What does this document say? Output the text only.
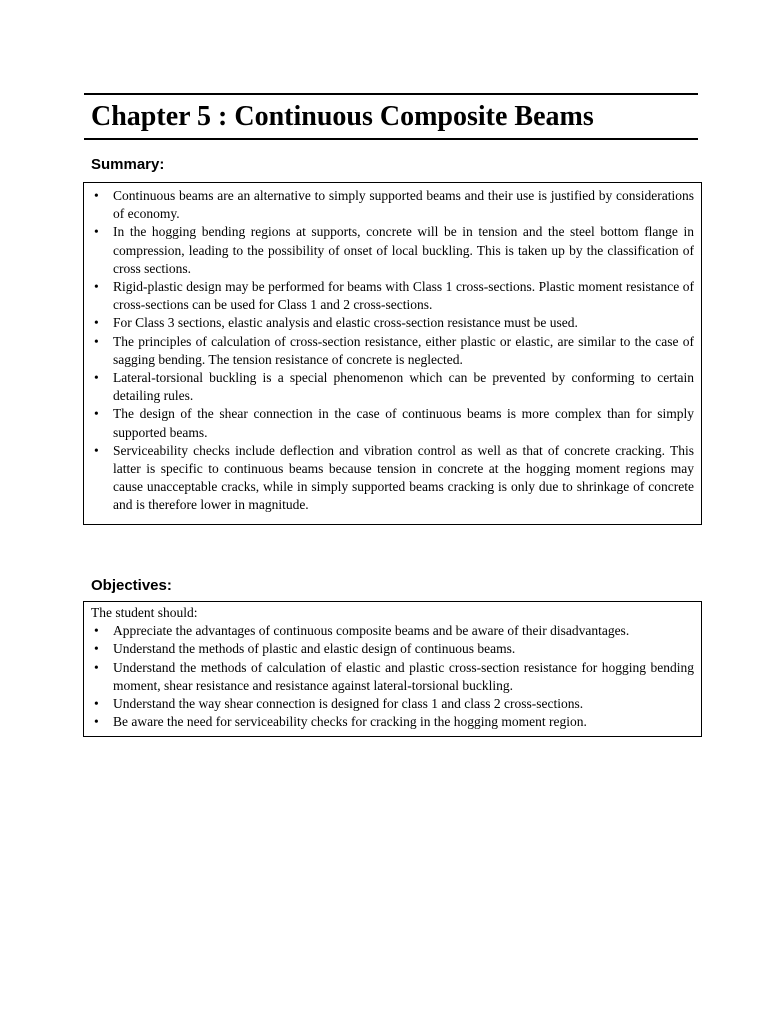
Chapter 5 : Continuous Composite Beams
Summary:
• Continuous beams are an alternative to simply supported beams and their use is justified by considerations of economy.
• In the hogging bending regions at supports, concrete will be in tension and the steel bottom flange in compression, leading to the possibility of onset of local buckling. This is taken up by the classification of cross sections.
• Rigid-plastic design may be performed for beams with Class 1 cross-sections. Plastic moment resistance of cross-sections can be used for Class 1 and 2 cross-sections.
• For Class 3 sections, elastic analysis and elastic cross-section resistance must be used.
• The principles of calculation of cross-section resistance, either plastic or elastic, are similar to the case of sagging bending. The tension resistance of concrete is neglected.
• Lateral-torsional buckling is a special phenomenon which can be prevented by conforming to certain detailing rules.
• The design of the shear connection in the case of continuous beams is more complex than for simply supported beams.
• Serviceability checks include deflection and vibration control as well as that of concrete cracking. This latter is specific to continuous beams because tension in concrete at the hogging moment regions may cause unacceptable cracks, while in simply supported beams cracking is only due to shrinkage of concrete and is therefore lower in magnitude.
Objectives:

The student should:

• Appreciate the advantages of continuous composite beams and be aware of their disadvantages.
• Understand the methods of plastic and elastic design of continuous beams.
• Understand the methods of calculation of elastic and plastic cross-section resistance for hogging bending moment, shear resistance and resistance against lateral-torsional buckling.
• Understand the way shear connection is designed for class 1 and class 2 cross-sections.
• Be aware the need for serviceability checks for cracking in the hogging moment region.
